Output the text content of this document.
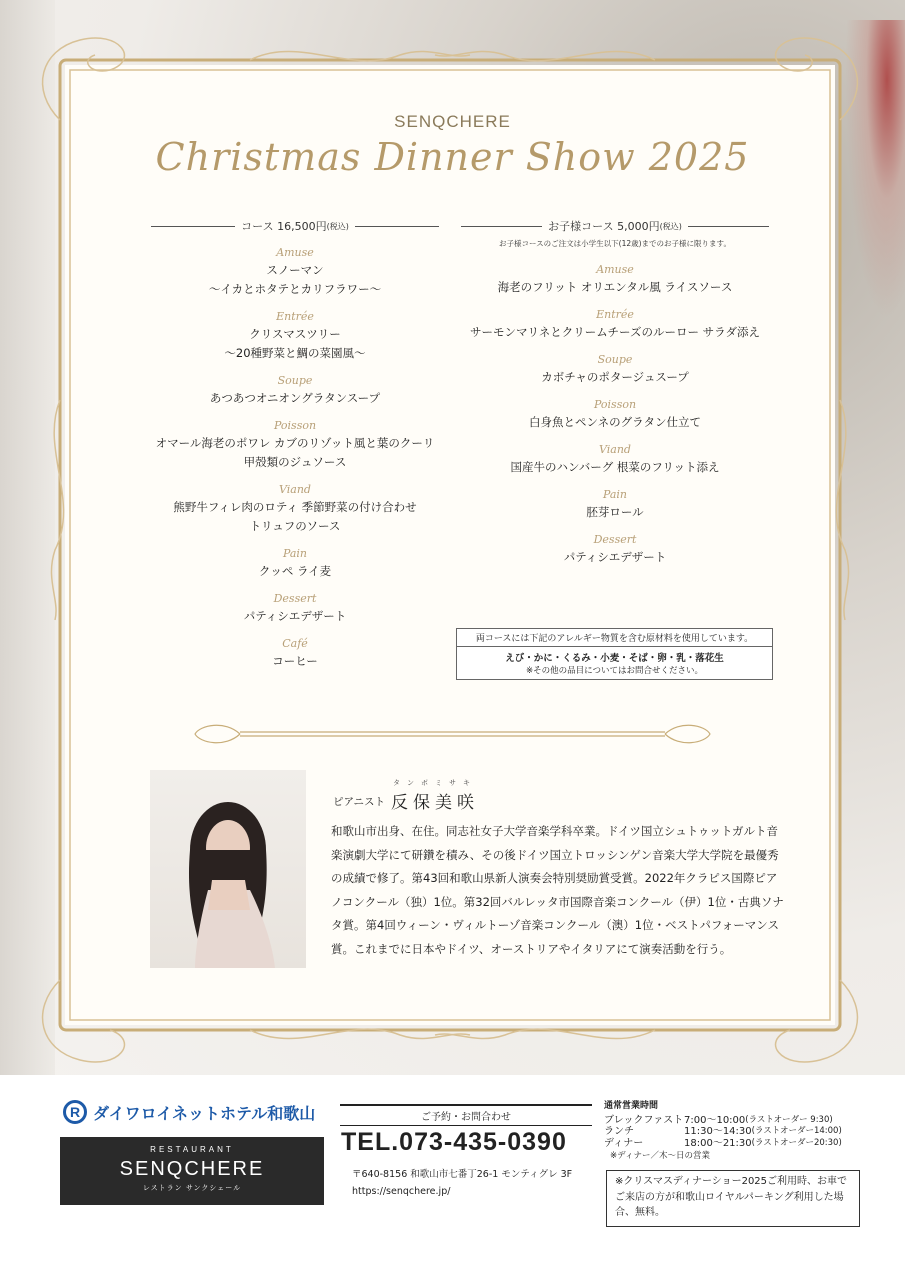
SENQCHERE
Christmas Dinner Show 2025
コース 16,500円 (税込)
Amuse
スノーマン
〜イカとホタテとカリフラワー〜
Entrée
クリスマスツリー
〜20種野菜と鯛の菜園風〜
Soupe
あつあつオニオングラタンスープ
Poisson
オマール海老のポワレ カブのリゾット風と葉のクーリ
甲殻類のジュソース
Viand
熊野牛フィレ肉のロティ 季節野菜の付け合わせ
トリュフのソース
Pain
クッペ ライ麦
Dessert
パティシエデザート
Café
コーヒー
お子様コース 5,000円 (税込)
お子様コースのご注文は小学生以下(12歳)までのお子様に限ります。
Amuse
海老のフリット オリエンタル風 ライスソース
Entrée
サーモンマリネとクリームチーズのルーロー サラダ添え
Soupe
カボチャのポタージュスープ
Poisson
白身魚とペンネのグラタン仕立て
Viand
国産牛のハンバーグ 根菜のフリット添え
Pain
胚芽ロール
Dessert
パティシエデザート
両コースには下記のアレルギー物質を含む原材料を使用しています。
えび・かに・くるみ・小麦・そば・卵・乳・落花生
※その他の品目についてはお問合せください。
タンボミサキ
ピアニスト 反保美咲
和歌山市出身、在住。同志社女子大学音楽学科卒業。ドイツ国立シュトゥットガルト音楽演劇大学にて研鑽を積み、その後ドイツ国立トロッシンゲン音楽大学大学院を最優秀の成績で修了。第43回和歌山県新人演奏会特別奨励賞受賞。2022年クラピス国際ピアノコンクール（独）1位。第32回バルレッタ市国際音楽コンクール（伊）1位・古典ソナタ賞。第4回ウィーン・ヴィルトーゾ音楽コンクール（澳）1位・ベストパフォーマンス賞。これまでに日本やドイツ、オーストリアやイタリアにて演奏活動を行う。
R ダイワロイネットホテル和歌山
RESTAURANT
SENQCHERE
レストラン サンクシェール
ご予約・お問合わせ
TEL.073-435-0390
〒640-8156 和歌山市七番丁26-1 モンティグレ 3F
https://senqchere.jp/
通常営業時間
ブレックファスト 7:00〜10:00 (ラストオーダー 9:30)
ランチ	11:30〜14:30 (ラストオーダー14:00)
ディナー	18:00〜21:30 (ラストオーダー20:30)
※ディナー／木〜日の営業
※クリスマスディナーショー2025ご利用時、お車でご来店の方が和歌山ロイヤルパーキング利用した場合、無料。
